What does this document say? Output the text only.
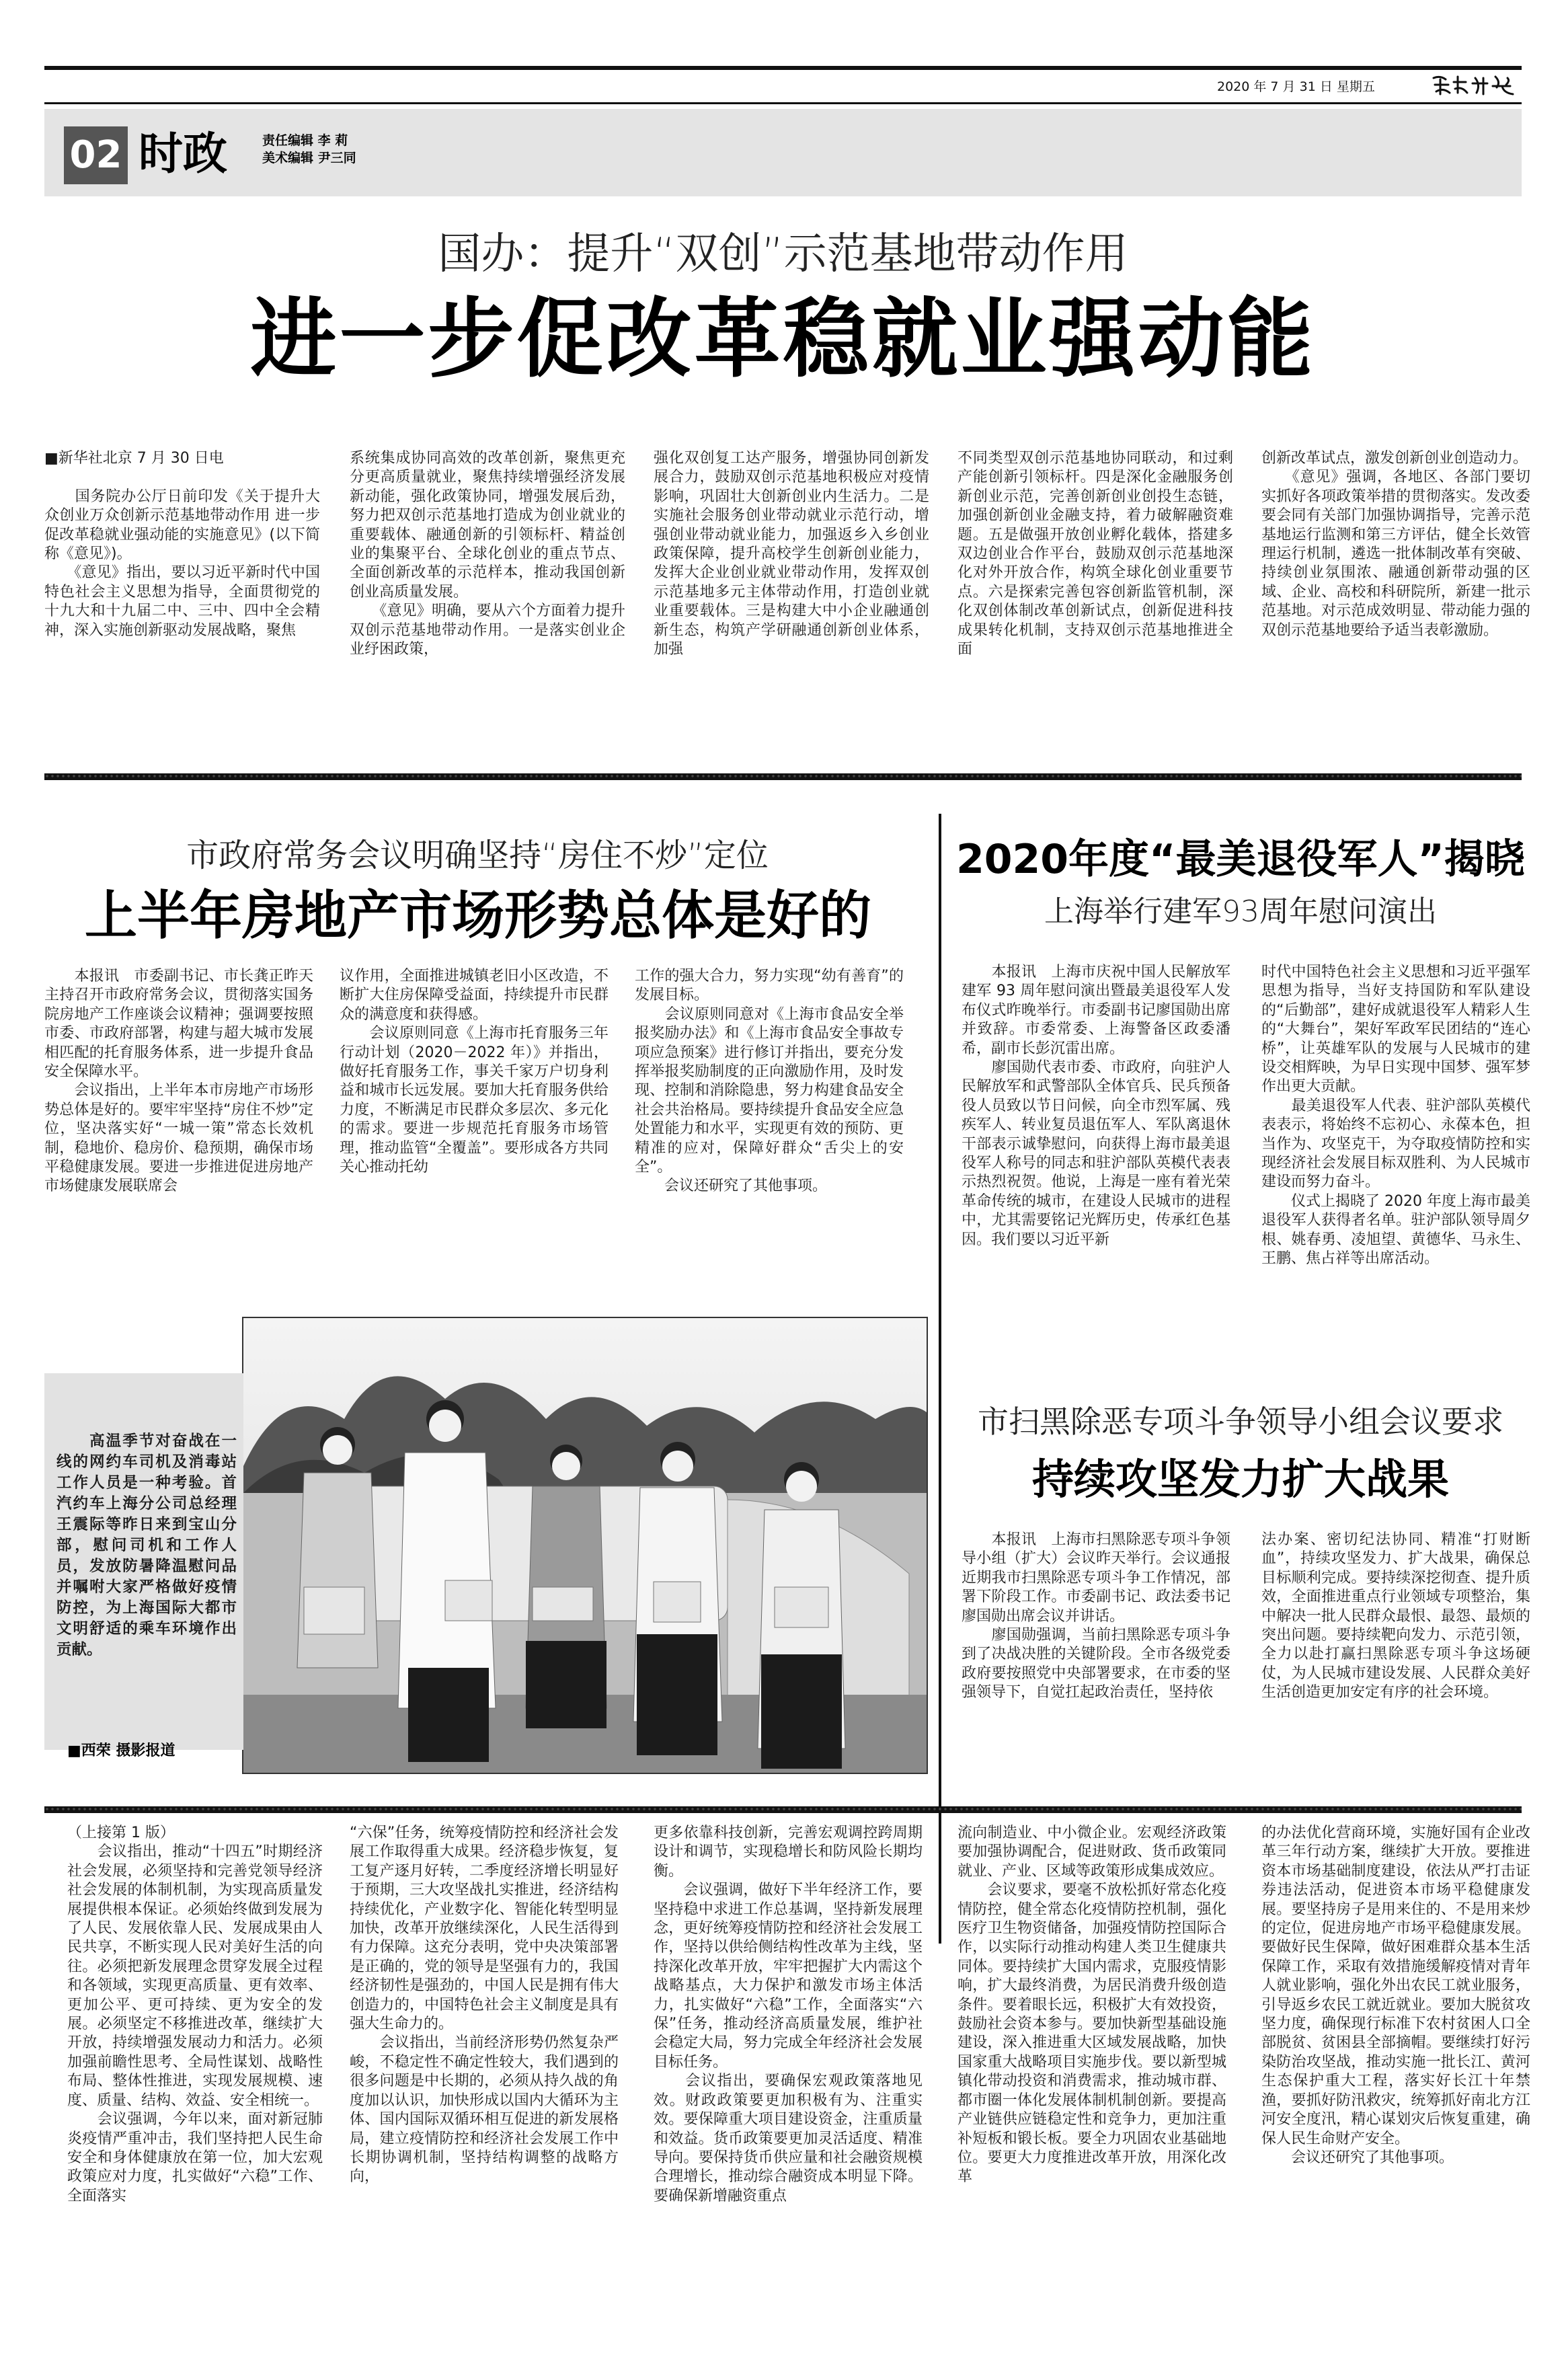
2020 年 7 月 31 日 星期五
02 时政	责任编辑 李 莉
美术编辑 尹三同
国办：提升“双创”示范基地带动作用
进一步促改革稳就业强动能
■新华社北京 7 月 30 日电

　　国务院办公厅日前印发《关于提升大众创业万众创新示范基地带动作用 进一步促改革稳就业强动能的实施意见》(以下简称《意见》)。
　　《意见》指出，要以习近平新时代中国特色社会主义思想为指导，全面贯彻党的十九大和十九届二中、三中、四中全会精神，深入实施创新驱动发展战略，聚焦
系统集成协同高效的改革创新，聚焦更充分更高质量就业，聚焦持续增强经济发展新动能，强化政策协同，增强发展后劲，努力把双创示范基地打造成为创业就业的重要载体、融通创新的引领标杆、精益创业的集聚平台、全球化创业的重点节点、全面创新改革的示范样本，推动我国创新创业高质量发展。
　　《意见》明确，要从六个方面着力提升双创示范基地带动作用。一是落实创业企业纾困政策，
强化双创复工达产服务，增强协同创新发展合力，鼓励双创示范基地积极应对疫情影响，巩固壮大创新创业内生活力。二是实施社会服务创业带动就业示范行动，增强创业带动就业能力，加强返乡入乡创业政策保障，提升高校学生创新创业能力，发挥大企业创业就业带动作用，发挥双创示范基地多元主体带动作用，打造创业就业重要载体。三是构建大中小企业融通创新生态，构筑产学研融通创新创业体系，加强
不同类型双创示范基地协同联动，和过剩产能创新引领标杆。四是深化金融服务创新创业示范，完善创新创业创投生态链，加强创新创业金融支持，着力破解融资难题。五是做强开放创业孵化载体，搭建多双边创业合作平台，鼓励双创示范基地深化对外开放合作，构筑全球化创业重要节点。六是探索完善包容创新监管机制，深化双创体制改革创新试点，创新促进科技成果转化机制，支持双创示范基地推进全面
创新改革试点，激发创新创业创造动力。
　　《意见》强调，各地区、各部门要切实抓好各项政策举措的贯彻落实。发改委要会同有关部门加强协调指导，完善示范基地运行监测和第三方评估，健全长效管理运行机制，遴选一批体制改革有突破、持续创业氛围浓、融通创新带动强的区域、企业、高校和科研院所，新建一批示范基地。对示范成效明显、带动能力强的双创示范基地要给予适当表彰激励。
市政府常务会议明确坚持“房住不炒”定位
上半年房地产市场形势总体是好的
　　本报讯　市委副书记、市长龚正昨天主持召开市政府常务会议，贯彻落实国务院房地产工作座谈会议精神；强调要按照市委、市政府部署，构建与超大城市发展相匹配的托育服务体系，进一步提升食品安全保障水平。
　　会议指出，上半年本市房地产市场形势总体是好的。要牢牢坚持“房住不炒”定位，坚决落实好“一城一策”常态长效机制，稳地价、稳房价、稳预期，确保市场平稳健康发展。要进一步推进促进房地产市场健康发展联席会
议作用，全面推进城镇老旧小区改造，不断扩大住房保障受益面，持续提升市民群众的满意度和获得感。
　　会议原则同意《上海市托育服务三年行动计划（2020－2022 年）》并指出，做好托育服务工作，事关千家万户切身利益和城市长远发展。要加大托育服务供给力度，不断满足市民群众多层次、多元化的需求。要进一步规范托育服务市场管理，推动监管“全覆盖”。要形成各方共同关心推动托幼
工作的强大合力，努力实现“幼有善育”的发展目标。
　　会议原则同意对《上海市食品安全举报奖励办法》和《上海市食品安全事故专项应急预案》进行修订并指出，要充分发挥举报奖励制度的正向激励作用，及时发现、控制和消除隐患，努力构建食品安全社会共治格局。要持续提升食品安全应急处置能力和水平，实现更有效的预防、更精准的应对，保障好群众“舌尖上的安全”。
　　会议还研究了其他事项。
2020年度“最美退役军人”揭晓
上海举行建军93周年慰问演出
　　本报讯　上海市庆祝中国人民解放军建军 93 周年慰问演出暨最美退役军人发布仪式昨晚举行。市委副书记廖国勋出席并致辞。市委常委、上海警备区政委潘希，副市长彭沉雷出席。
　　廖国勋代表市委、市政府，向驻沪人民解放军和武警部队全体官兵、民兵预备役人员致以节日问候，向全市烈军属、残疾军人、转业复员退伍军人、军队离退休干部表示诚挚慰问，向获得上海市最美退役军人称号的同志和驻沪部队英模代表表示热烈祝贺。他说，上海是一座有着光荣革命传统的城市，在建设人民城市的进程中，尤其需要铭记光辉历史，传承红色基因。我们要以习近平新
时代中国特色社会主义思想和习近平强军思想为指导，当好支持国防和军队建设的“后勤部”，建好成就退役军人精彩人生的“大舞台”，架好军政军民团结的“连心桥”，让英雄军队的发展与人民城市的建设交相辉映，为早日实现中国梦、强军梦作出更大贡献。
　　最美退役军人代表、驻沪部队英模代表表示，将始终不忘初心、永葆本色，担当作为、攻坚克干，为夺取疫情防控和实现经济社会发展目标双胜利、为人民城市建设而努力奋斗。
　　仪式上揭晓了 2020 年度上海市最美退役军人获得者名单。驻沪部队领导周夕根、姚春勇、凌旭望、黄德华、马永生、王鹏、焦占祥等出席活动。
　　高温季节对奋战在一线的网约车司机及消毒站工作人员是一种考验。首汽约车上海分公司总经理王震际等昨日来到宝山分部，慰问司机和工作人员，发放防暑降温慰问品并嘱咐大家严格做好疫情防控，为上海国际大都市文明舒适的乘车环境作出贡献。
■西荣 摄影报道
市扫黑除恶专项斗争领导小组会议要求
持续攻坚发力扩大战果
　　本报讯　上海市扫黑除恶专项斗争领导小组（扩大）会议昨天举行。会议通报近期我市扫黑除恶专项斗争工作情况，部署下阶段工作。市委副书记、政法委书记廖国勋出席会议并讲话。
　　廖国勋强调，当前扫黑除恶专项斗争到了决战决胜的关键阶段。全市各级党委政府要按照党中央部署要求，在市委的坚强领导下，自觉扛起政治责任，坚持依
法办案、密切纪法协同、精准“打财断血”，持续攻坚发力、扩大战果，确保总目标顺利完成。要持续深挖彻查、提升质效，全面推进重点行业领域专项整治，集中解决一批人民群众最恨、最怨、最烦的突出问题。要持续靶向发力、示范引领，全力以赴打赢扫黑除恶专项斗争这场硬仗，为人民城市建设发展、人民群众美好生活创造更加安定有序的社会环境。
（上接第 1 版）
　　会议指出，推动“十四五”时期经济社会发展，必须坚持和完善党领导经济社会发展的体制机制，为实现高质量发展提供根本保证。必须始终做到发展为了人民、发展依靠人民、发展成果由人民共享，不断实现人民对美好生活的向往。必须把新发展理念贯穿发展全过程和各领域，实现更高质量、更有效率、更加公平、更可持续、更为安全的发展。必须坚定不移推进改革，继续扩大开放，持续增强发展动力和活力。必须加强前瞻性思考、全局性谋划、战略性布局、整体性推进，实现发展规模、速度、质量、结构、效益、安全相统一。
　　会议强调，今年以来，面对新冠肺炎疫情严重冲击，我们坚持把人民生命安全和身体健康放在第一位，加大宏观政策应对力度，扎实做好“六稳”工作、全面落实
“六保”任务，统筹疫情防控和经济社会发展工作取得重大成果。经济稳步恢复，复工复产逐月好转，二季度经济增长明显好于预期，三大攻坚战扎实推进，经济结构持续优化，产业数字化、智能化转型明显加快，改革开放继续深化，人民生活得到有力保障。这充分表明，党中央决策部署是正确的，党的领导是坚强有力的，我国经济韧性是强劲的，中国人民是拥有伟大创造力的，中国特色社会主义制度是具有强大生命力的。
　　会议指出，当前经济形势仍然复杂严峻，不稳定性不确定性较大，我们遇到的很多问题是中长期的，必须从持久战的角度加以认识，加快形成以国内大循环为主体、国内国际双循环相互促进的新发展格局，建立疫情防控和经济社会发展工作中长期协调机制，坚持结构调整的战略方向，
更多依靠科技创新，完善宏观调控跨周期设计和调节，实现稳增长和防风险长期均衡。
　　会议强调，做好下半年经济工作，要坚持稳中求进工作总基调，坚持新发展理念，更好统筹疫情防控和经济社会发展工作，坚持以供给侧结构性改革为主线，坚持深化改革开放，牢牢把握扩大内需这个战略基点，大力保护和激发市场主体活力，扎实做好“六稳”工作，全面落实“六保”任务，推动经济高质量发展，维护社会稳定大局，努力完成全年经济社会发展目标任务。
　　会议指出，要确保宏观政策落地见效。财政政策要更加积极有为、注重实效。要保障重大项目建设资金，注重质量和效益。货币政策要更加灵活适度、精准导向。要保持货币供应量和社会融资规模合理增长，推动综合融资成本明显下降。要确保新增融资重点
流向制造业、中小微企业。宏观经济政策要加强协调配合，促进财政、货币政策同就业、产业、区域等政策形成集成效应。
　　会议要求，要毫不放松抓好常态化疫情防控，健全常态化疫情防控机制，强化医疗卫生物资储备，加强疫情防控国际合作，以实际行动推动构建人类卫生健康共同体。要持续扩大国内需求，克服疫情影响，扩大最终消费，为居民消费升级创造条件。要着眼长远，积极扩大有效投资，鼓励社会资本参与。要加快新型基础设施建设，深入推进重大区域发展战略，加快国家重大战略项目实施步伐。要以新型城镇化带动投资和消费需求，推动城市群、都市圈一体化发展体制机制创新。要提高产业链供应链稳定性和竞争力，更加注重补短板和锻长板。要全力巩固农业基础地位。要更大力度推进改革开放，用深化改革
的办法优化营商环境，实施好国有企业改革三年行动方案，继续扩大开放。要推进资本市场基础制度建设，依法从严打击证券违法活动，促进资本市场平稳健康发展。要坚持房子是用来住的、不是用来炒的定位，促进房地产市场平稳健康发展。要做好民生保障，做好困难群众基本生活保障工作，采取有效措施缓解疫情对青年人就业影响，强化外出农民工就业服务，引导返乡农民工就近就业。要加大脱贫攻坚力度，确保现行标准下农村贫困人口全部脱贫、贫困县全部摘帽。要继续打好污染防治攻坚战，推动实施一批长江、黄河生态保护重大工程，落实好长江十年禁渔，要抓好防汛救灾，统筹抓好南北方江河安全度汛，精心谋划灾后恢复重建，确保人民生命财产安全。
　　会议还研究了其他事项。
